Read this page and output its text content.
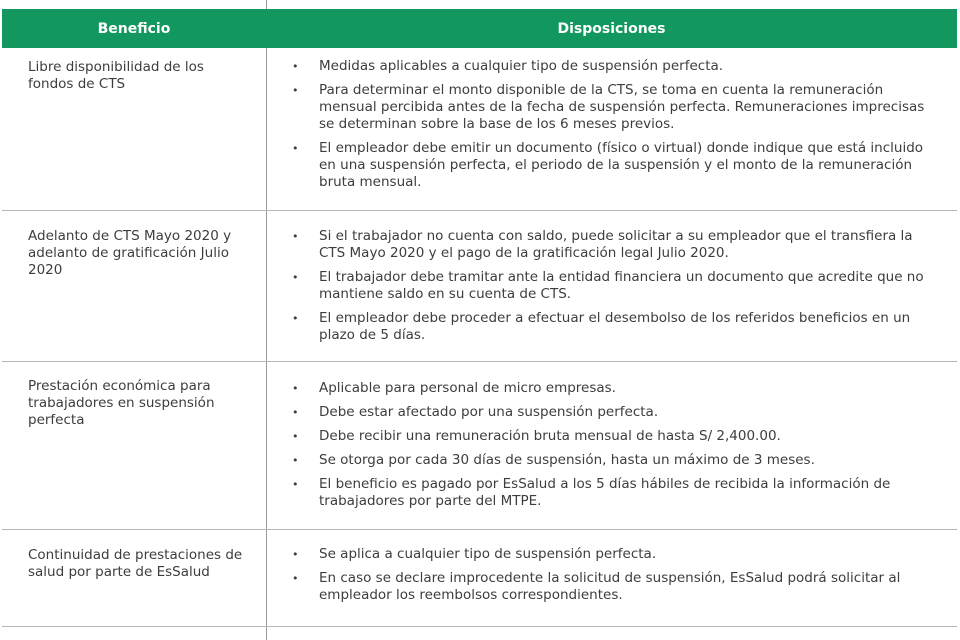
Beneficio	Disposiciones
Libre disponibilidad de los fondos de CTS
• Medidas aplicables a cualquier tipo de suspensión perfecta.
• Para determinar el monto disponible de la CTS, se toma en cuenta la remuneración mensual percibida antes de la fecha de suspensión perfecta. Remuneraciones imprecisas se determinan sobre la base de los 6 meses previos.
• El empleador debe emitir un documento (físico o virtual) donde indique que está incluido en una suspensión perfecta, el periodo de la suspensión y el monto de la remuneración bruta mensual.
Adelanto de CTS Mayo 2020 y adelanto de gratificación Julio 2020
• Si el trabajador no cuenta con saldo, puede solicitar a su empleador que el transfiera la CTS Mayo 2020 y el pago de la gratificación legal Julio 2020.
• El trabajador debe tramitar ante la entidad financiera un documento que acredite que no mantiene saldo en su cuenta de CTS.
• El empleador debe proceder a efectuar el desembolso de los referidos beneficios en un plazo de 5 días.
Prestación económica para trabajadores en suspensión perfecta
• Aplicable para personal de micro empresas.
• Debe estar afectado por una suspensión perfecta.
• Debe recibir una remuneración bruta mensual de hasta S/ 2,400.00.
• Se otorga por cada 30 días de suspensión, hasta un máximo de 3 meses.
• El beneficio es pagado por EsSalud a los 5 días hábiles de recibida la información de trabajadores por parte del MTPE.
Continuidad de prestaciones de salud por parte de EsSalud
• Se aplica a cualquier tipo de suspensión perfecta.
• En caso se declare improcedente la solicitud de suspensión, EsSalud podrá solicitar al empleador los reembolsos correspondientes.
